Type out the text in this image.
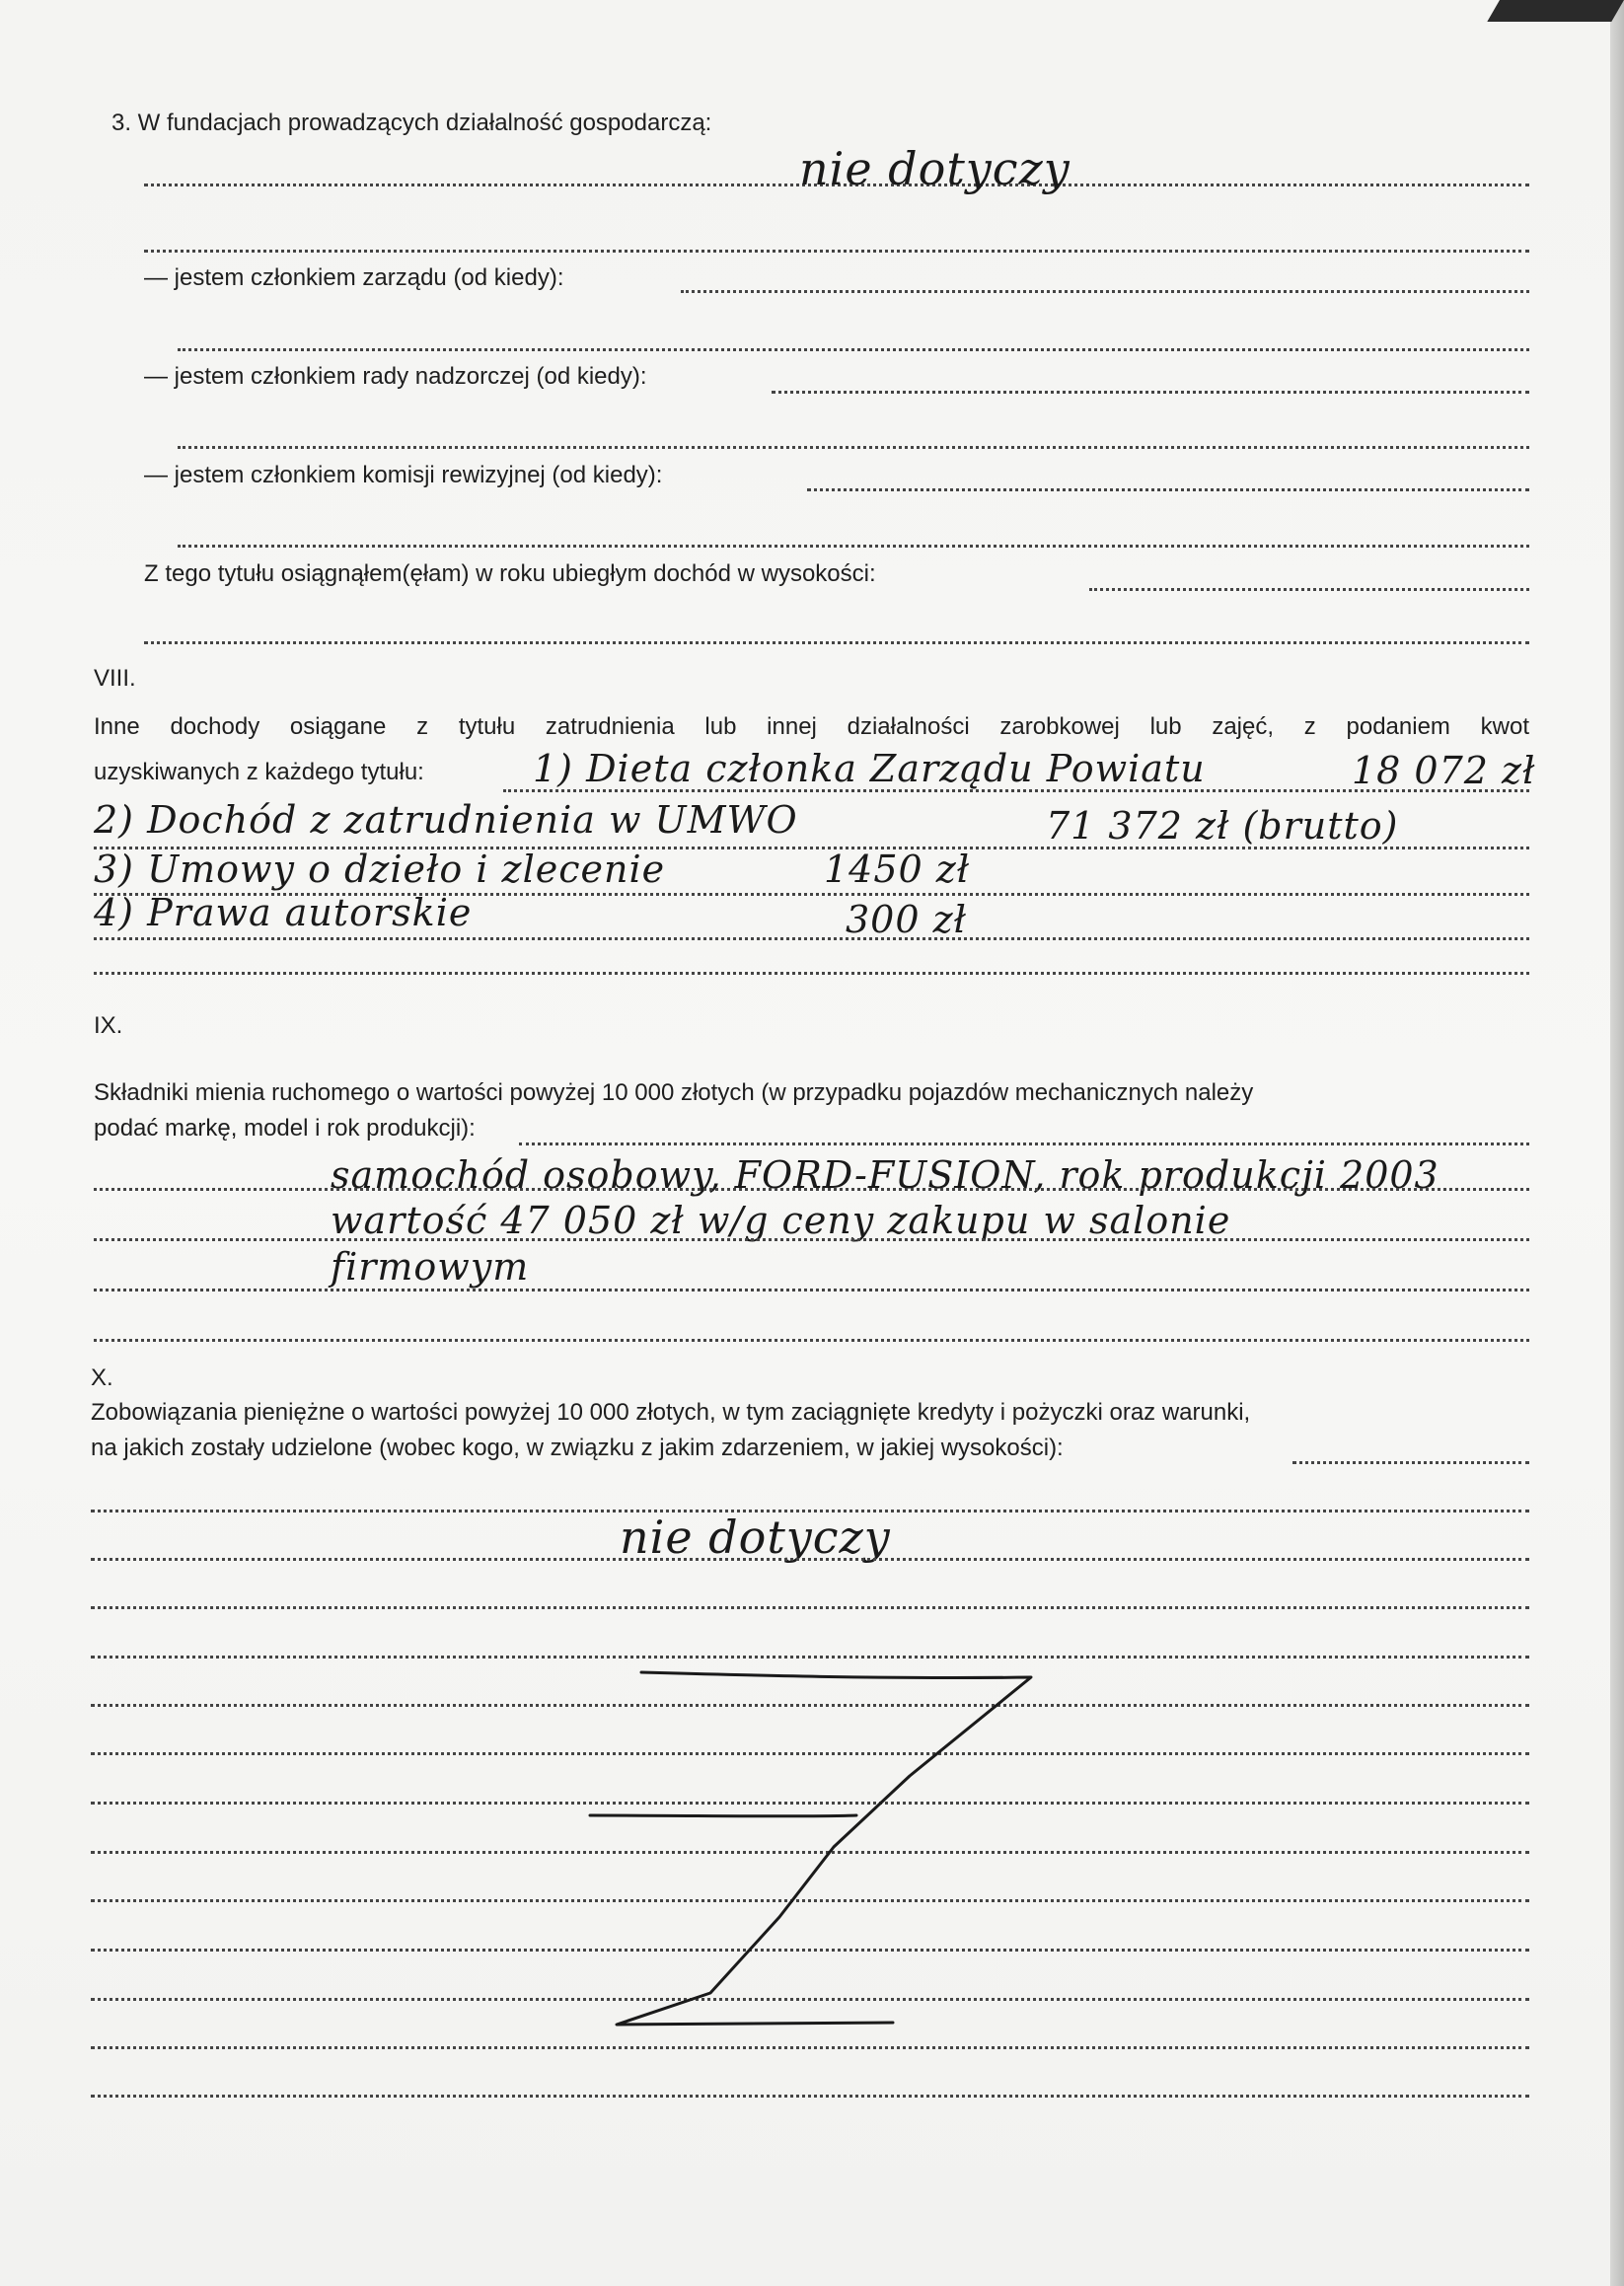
3. W fundacjach prowadzących działalność gospodarczą:
nie dotyczy
— jestem członkiem zarządu (od kiedy):
— jestem członkiem rady nadzorczej (od kiedy):
— jestem członkiem komisji rewizyjnej (od kiedy):
Z tego tytułu osiągnąłem(ęłam) w roku ubiegłym dochód w wysokości:
VIII.
Inne dochody osiągane z tytułu zatrudnienia lub innej działalności zarobkowej lub zajęć, z podaniem kwot
uzyskiwanych z każdego tytułu:	1) Dieta członka Zarządu Powiatu	18 072 zł
2) Dochód z zatrudnienia w UMWO	71 372 zł (brutto)
3) Umowy o dzieło i zlecenie	1450 zł
4) Prawa autorskie	300 zł
IX.
Składniki mienia ruchomego o wartości powyżej 10 000 złotych (w przypadku pojazdów mechanicznych należy
podać markę, model i rok produkcji):
samochód osobowy, FORD-FUSION, rok produkcji 2003
wartość 47 050 zł w/g ceny zakupu w salonie
firmowym
X.
Zobowiązania pieniężne o wartości powyżej 10 000 złotych, w tym zaciągnięte kredyty i pożyczki oraz warunki,
na jakich zostały udzielone (wobec kogo, w związku z jakim zdarzeniem, w jakiej wysokości):
nie dotyczy
